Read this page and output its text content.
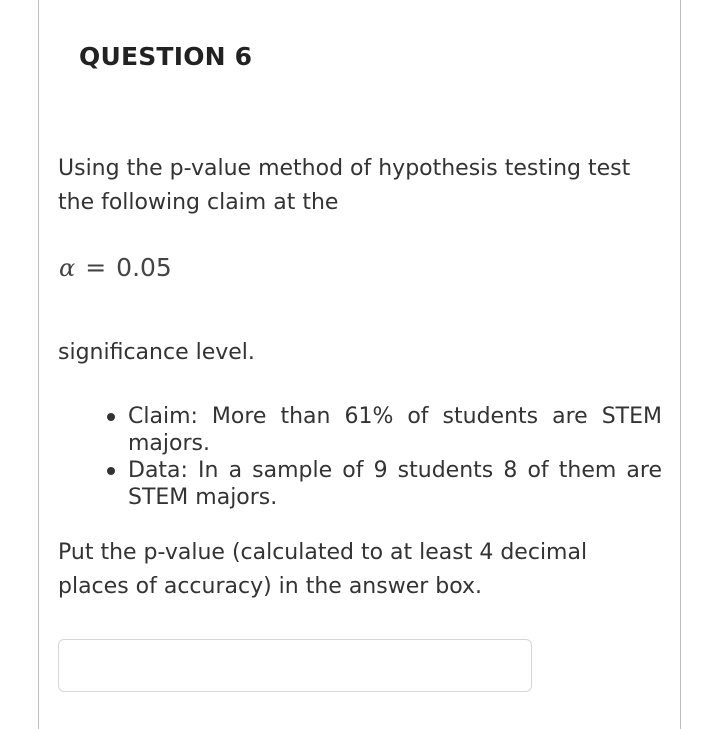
QUESTION 6

Using the p-value method of hypothesis testing test the following claim at the

α = 0.05

significance level.

Claim: More than 61% of students are STEM majors.
Data: In a sample of 9 students 8 of them are STEM majors.

Put the p-value (calculated to at least 4 decimal places of accuracy) in the answer box.
